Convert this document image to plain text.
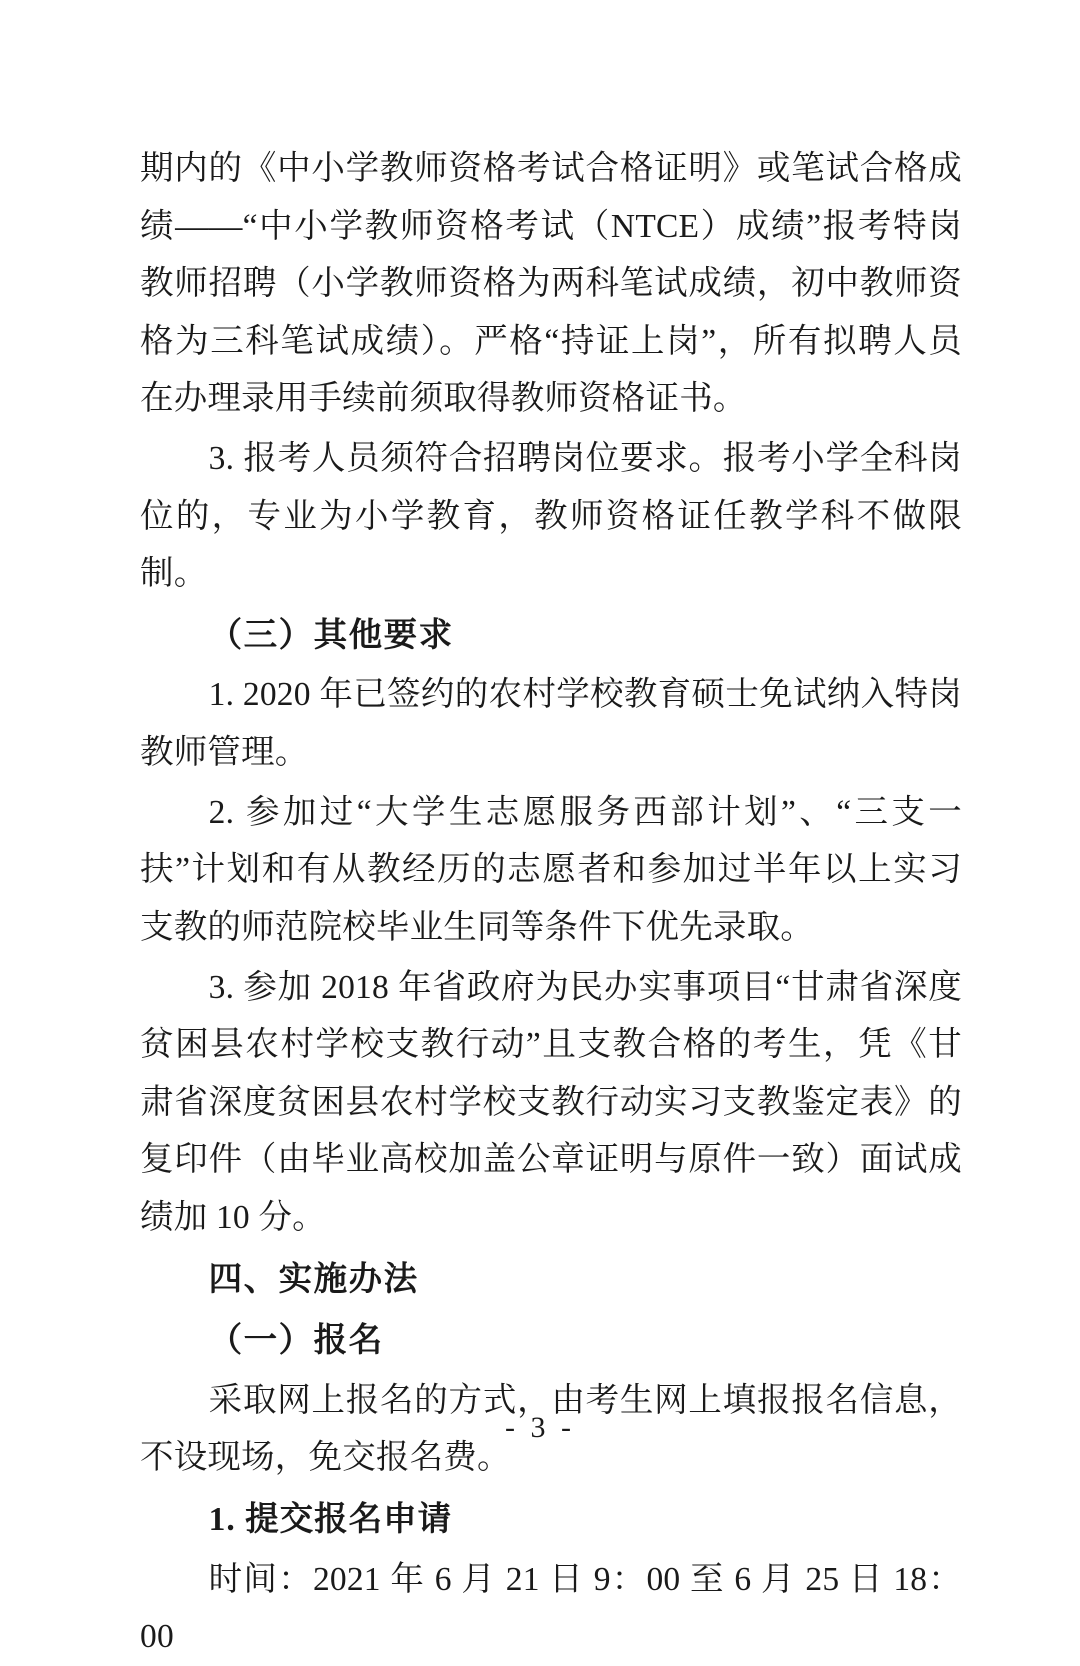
期内的《中小学教师资格考试合格证明》或笔试合格成绩——“中小学教师资格考试（NTCE）成绩”报考特岗教师招聘（小学教师资格为两科笔试成绩，初中教师资格为三科笔试成绩）。严格“持证上岗”，所有拟聘人员在办理录用手续前须取得教师资格证书。

3. 报考人员须符合招聘岗位要求。报考小学全科岗位的，专业为小学教育，教师资格证任教学科不做限制。

（三）其他要求

1. 2020 年已签约的农村学校教育硕士免试纳入特岗教师管理。

2. 参加过“大学生志愿服务西部计划”、“三支一扶”计划和有从教经历的志愿者和参加过半年以上实习支教的师范院校毕业生同等条件下优先录取。

3. 参加 2018 年省政府为民办实事项目“甘肃省深度贫困县农村学校支教行动”且支教合格的考生，凭《甘肃省深度贫困县农村学校支教行动实习支教鉴定表》的复印件（由毕业高校加盖公章证明与原件一致）面试成绩加 10 分。

四、实施办法

（一）报名

采取网上报名的方式，由考生网上填报报名信息，不设现场，免交报名费。

1. 提交报名申请

时间：2021 年 6 月 21 日 9：00 至 6 月 25 日 18：00

- 3 -
